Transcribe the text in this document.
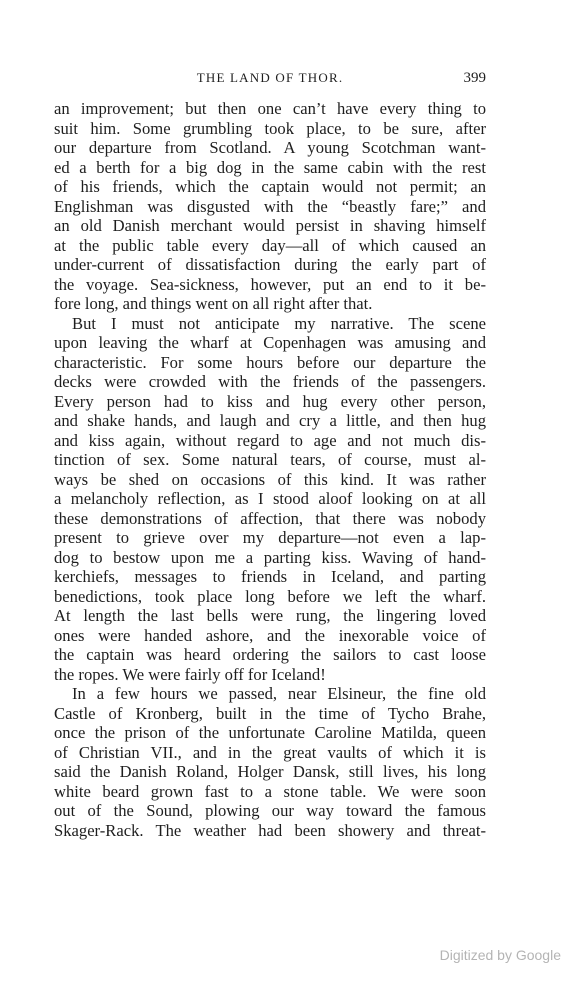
THE LAND OF THOR.	399
an improvement; but then one can’t have every thing to
suit him. Some grumbling took place, to be sure, after
our departure from Scotland. A young Scotchman want-
ed a berth for a big dog in the same cabin with the rest
of his friends, which the captain would not permit; an
Englishman was disgusted with the “beastly fare;” and
an old Danish merchant would persist in shaving himself
at the public table every day—all of which caused an
under-current of dissatisfaction during the early part of
the voyage. Sea-sickness, however, put an end to it be-
fore long, and things went on all right after that.
But I must not anticipate my narrative. The scene
upon leaving the wharf at Copenhagen was amusing and
characteristic. For some hours before our departure the
decks were crowded with the friends of the passengers.
Every person had to kiss and hug every other person,
and shake hands, and laugh and cry a little, and then hug
and kiss again, without regard to age and not much dis-
tinction of sex. Some natural tears, of course, must al-
ways be shed on occasions of this kind. It was rather
a melancholy reflection, as I stood aloof looking on at all
these demonstrations of affection, that there was nobody
present to grieve over my departure—not even a lap-
dog to bestow upon me a parting kiss. Waving of hand-
kerchiefs, messages to friends in Iceland, and parting
benedictions, took place long before we left the wharf.
At length the last bells were rung, the lingering loved
ones were handed ashore, and the inexorable voice of
the captain was heard ordering the sailors to cast loose
the ropes. We were fairly off for Iceland!
In a few hours we passed, near Elsineur, the fine old
Castle of Kronberg, built in the time of Tycho Brahe,
once the prison of the unfortunate Caroline Matilda, queen
of Christian VII., and in the great vaults of which it is
said the Danish Roland, Holger Dansk, still lives, his long
white beard grown fast to a stone table. We were soon
out of the Sound, plowing our way toward the famous
Skager-Rack. The weather had been showery and threat-
Digitized by Google
